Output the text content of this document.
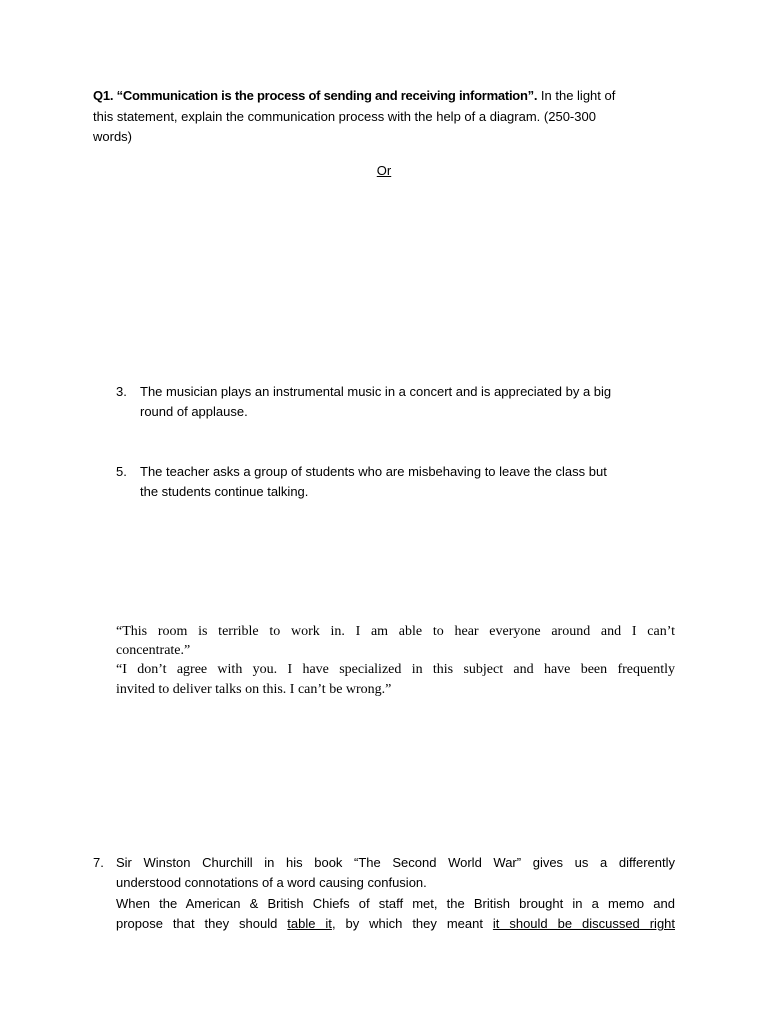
Q1. “Communication is the process of sending and receiving information”. In the light of
this statement, explain the communication process with the help of a diagram. (250-300
words)
Or
3. The musician plays an instrumental music in a concert and is appreciated by a big
round of applause.
5. The teacher asks a group of students who are misbehaving to leave the class but
the students continue talking.
“This room is terrible to work in. I am able to hear everyone around and I can’t
concentrate.”
“I don’t agree with you. I have specialized in this subject and have been frequently
invited to deliver talks on this. I can’t be wrong.”
7. Sir Winston Churchill in his book “The Second World War” gives us a differently
understood connotations of a word causing confusion.
When the American & British Chiefs of staff met, the British brought in a memo and
propose that they should table it, by which they meant it should be discussed right
